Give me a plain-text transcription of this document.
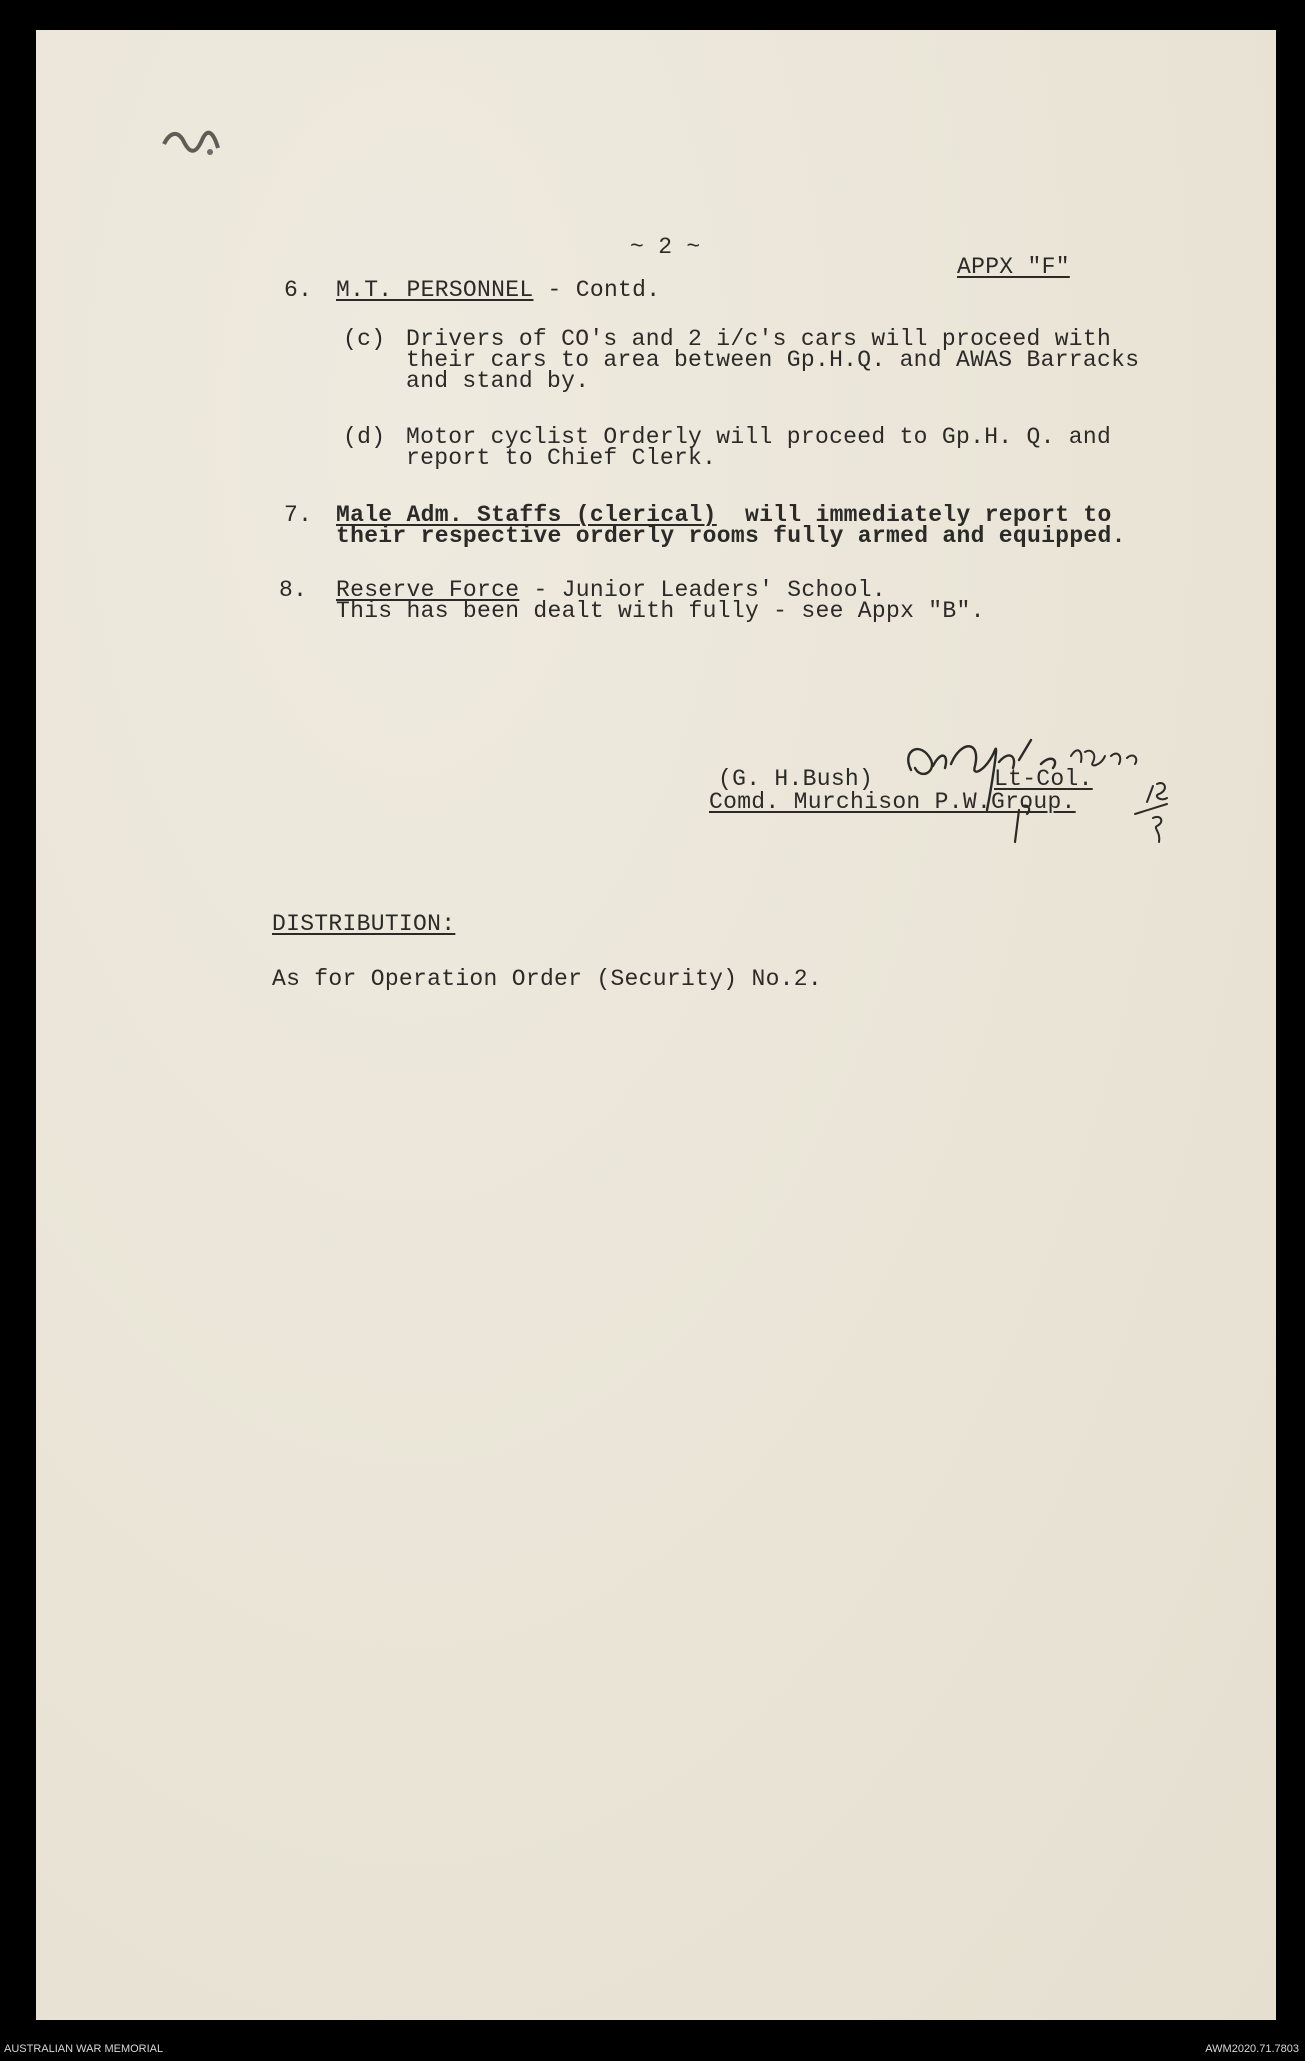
~ 2 ~
APPX "F"
6. M.T. PERSONNEL - Contd.
(c) Drivers of CO's and 2 i/c's cars will proceed with
their cars to area between Gp.H.Q. and AWAS Barracks
and stand by.
(d) Motor cyclist Orderly will proceed to Gp.H. Q. and
report to Chief Clerk.
7. Male Adm. Staffs (clerical)  will immediately report to
their respective orderly rooms fully armed and equipped.
8. Reserve Force - Junior Leaders' School.
This has been dealt with fully - see Appx "B".
(G. H.Bush)	Lt-Col.
Comd. Murchison P.W.Group.
DISTRIBUTION:
As for Operation Order (Security) No.2.
AUSTRALIAN WAR MEMORIAL	AWM2020.71.7803
